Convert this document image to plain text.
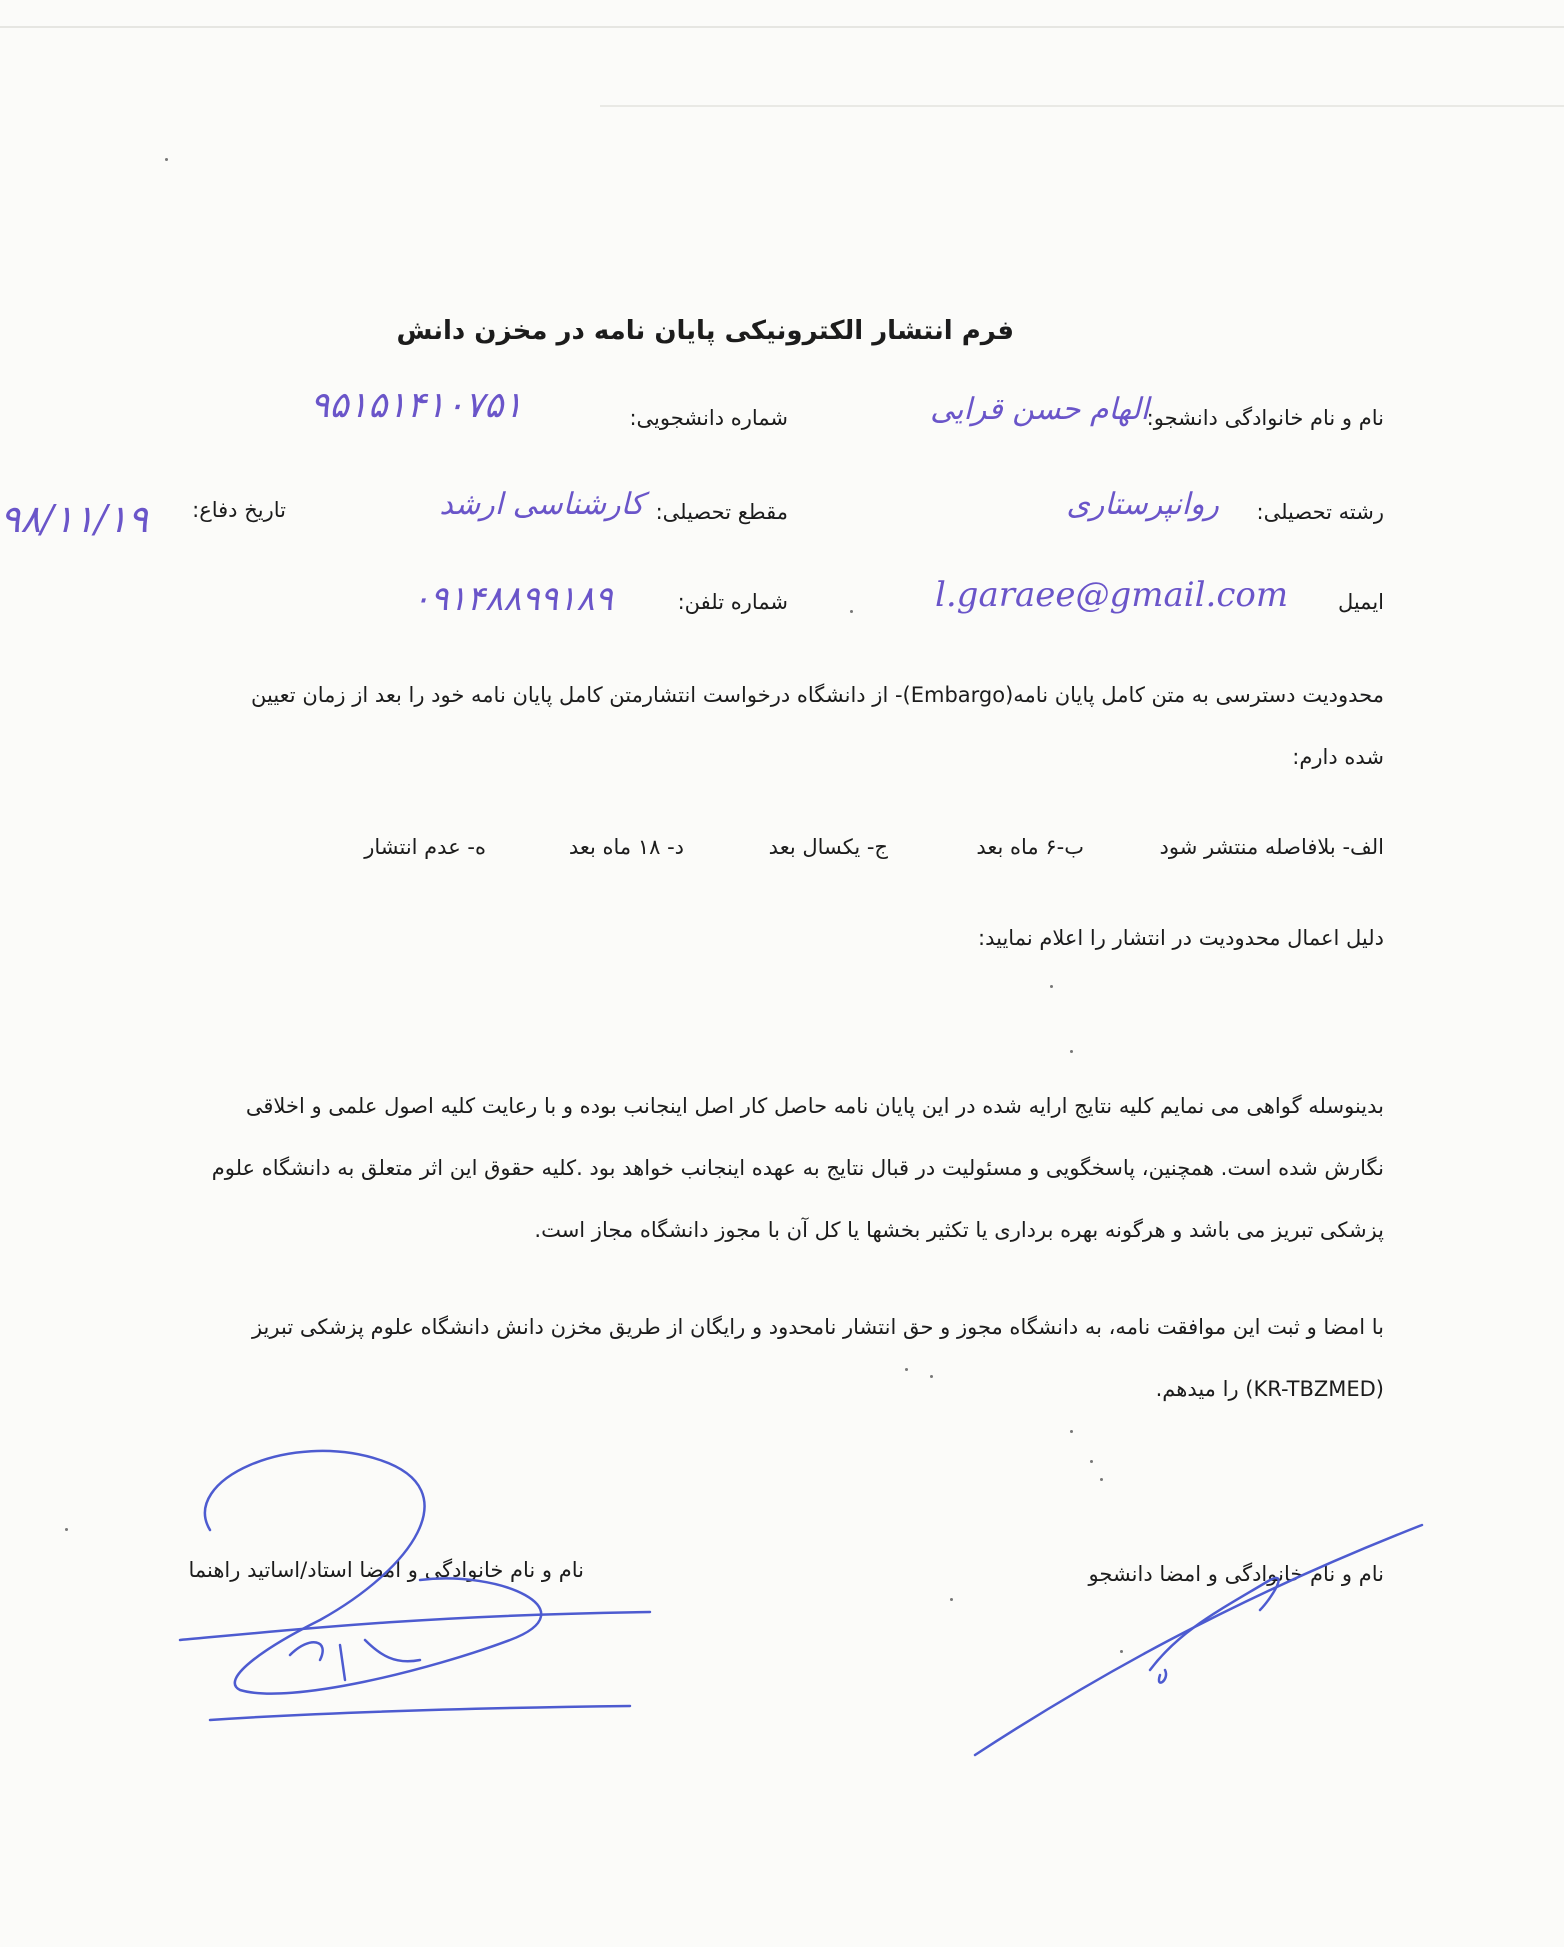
فرم انتشار الکترونیکی پایان نامه در مخزن دانش
نام و نام خانوادگی دانشجو:
الهام حسن قرایی
شماره دانشجویی:
۹۵۱۵۱۴۱۰۷۵۱
رشته تحصیلی:
روانپرستاری
مقطع تحصیلی:
کارشناسی ارشد
تاریخ دفاع:
۹۸/۱۱/۱۹
ایمیل
l.garaee@gmail.com
شماره تلفن:
۰۹۱۴۸۸۹۹۱۸۹
محدودیت دسترسی به متن کامل پایان نامه(Embargo)- از دانشگاه درخواست انتشارمتن کامل پایان نامه خود را بعد از زمان تعیین
شده دارم:
الف- بلافاصله منتشر شود
ب-۶ ماه بعد
ج- یکسال بعد
د- ۱۸ ماه بعد
ه- عدم انتشار
دلیل اعمال محدودیت در انتشار را اعلام نمایید:
بدینوسله گواهی می نمایم کلیه نتایج ارایه شده در این پایان نامه حاصل کار اصل اینجانب بوده و با رعایت کلیه اصول علمی و اخلاقی
نگارش شده است. همچنین، پاسخگویی و مسئولیت در قبال نتایج به عهده اینجانب خواهد بود .کلیه حقوق این اثر متعلق به دانشگاه علوم
پزشکی تبریز می باشد و هرگونه بهره برداری یا تکثیر بخشها یا کل آن با مجوز دانشگاه مجاز است.
با امضا و ثبت این موافقت نامه، به دانشگاه مجوز و حق انتشار نامحدود و رایگان از طریق مخزن دانش دانشگاه علوم پزشکی تبریز
(KR-TBZMED) را میدهم.
نام و نام خانوادگی و امضا دانشجو
نام و نام خانوادگی و امضا استاد/اساتید راهنما
